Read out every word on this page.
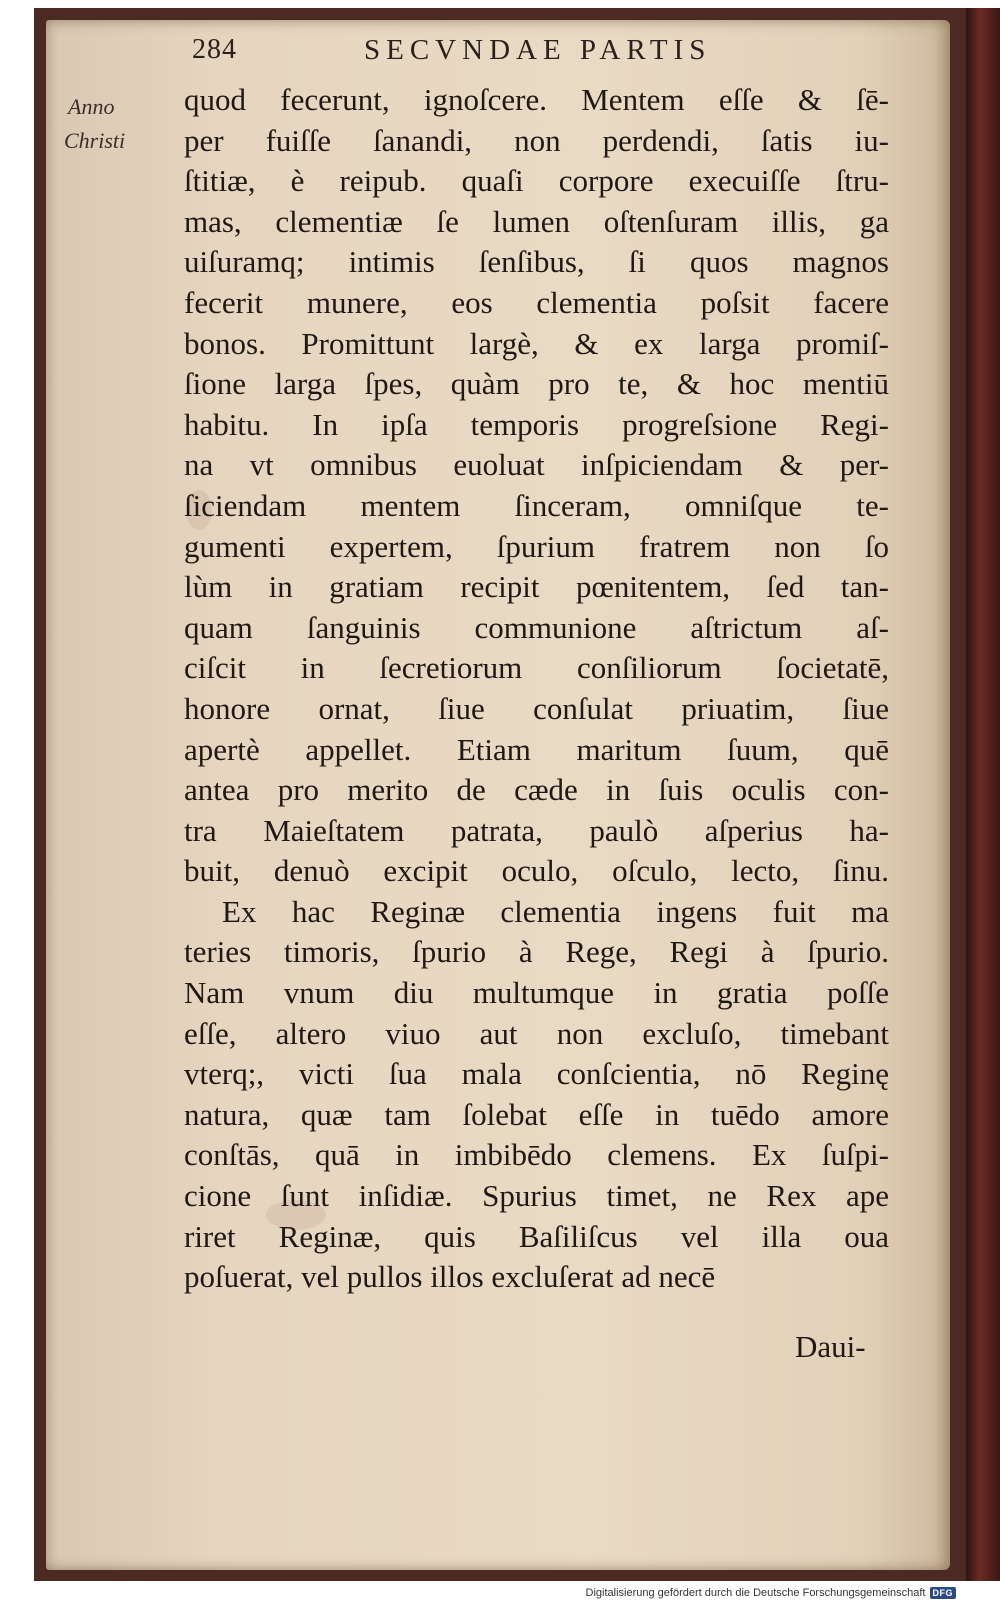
284	SECVNDAE PARTIS
Anno
Christi
quod fecerunt, ignoſcere. Mentem eſſe & ſē-
per fuiſſe ſanandi, non perdendi, ſatis iu-
ſtitiæ, è reipub. quaſi corpore execuiſſe ſtru-
mas, clementiæ ſe lumen oſtenſuram illis, ga
uiſuramq; intimis ſenſibus, ſi quos magnos
fecerit munere, eos clementia poſsit facere
bonos. Promittunt largè, & ex larga promiſ-
ſione larga ſpes, quàm pro te, & hoc mentiū
habitu. In ipſa temporis progreſsione Regi-
na vt omnibus euoluat inſpiciendam & per-
ſiciendam mentem ſinceram, omniſque te-
gumenti expertem, ſpurium fratrem non ſo
lùm in gratiam recipit pœnitentem, ſed tan-
quam ſanguinis communione aſtrictum aſ-
ciſcit in ſecretiorum conſiliorum ſocietatē,
honore ornat, ſiue conſulat priuatim, ſiue
apertè appellet. Etiam maritum ſuum, quē
antea pro merito de cæde in ſuis oculis con-
tra Maieſtatem patrata, paulò aſperius ha-
buit, denuò excipit oculo, oſculo, lecto, ſinu.
Ex hac Reginæ clementia ingens fuit ma
teries timoris, ſpurio à Rege, Regi à ſpurio.
Nam vnum diu multumque in gratia poſſe
eſſe, altero viuo aut non excluſo, timebant
vterq;, victi ſua mala conſcientia, nō Reginę
natura, quæ tam ſolebat eſſe in tuēdo amore
conſtās, quā in imbibēdo clemens. Ex ſuſpi-
cione ſunt inſidiæ. Spurius timet, ne Rex ape
riret Reginæ, quis Baſiliſcus vel illa oua
poſuerat, vel pullos illos excluſerat ad necē
Daui-
Digitalisierung gefördert durch die Deutsche Forschungsgemeinschaft DFG
